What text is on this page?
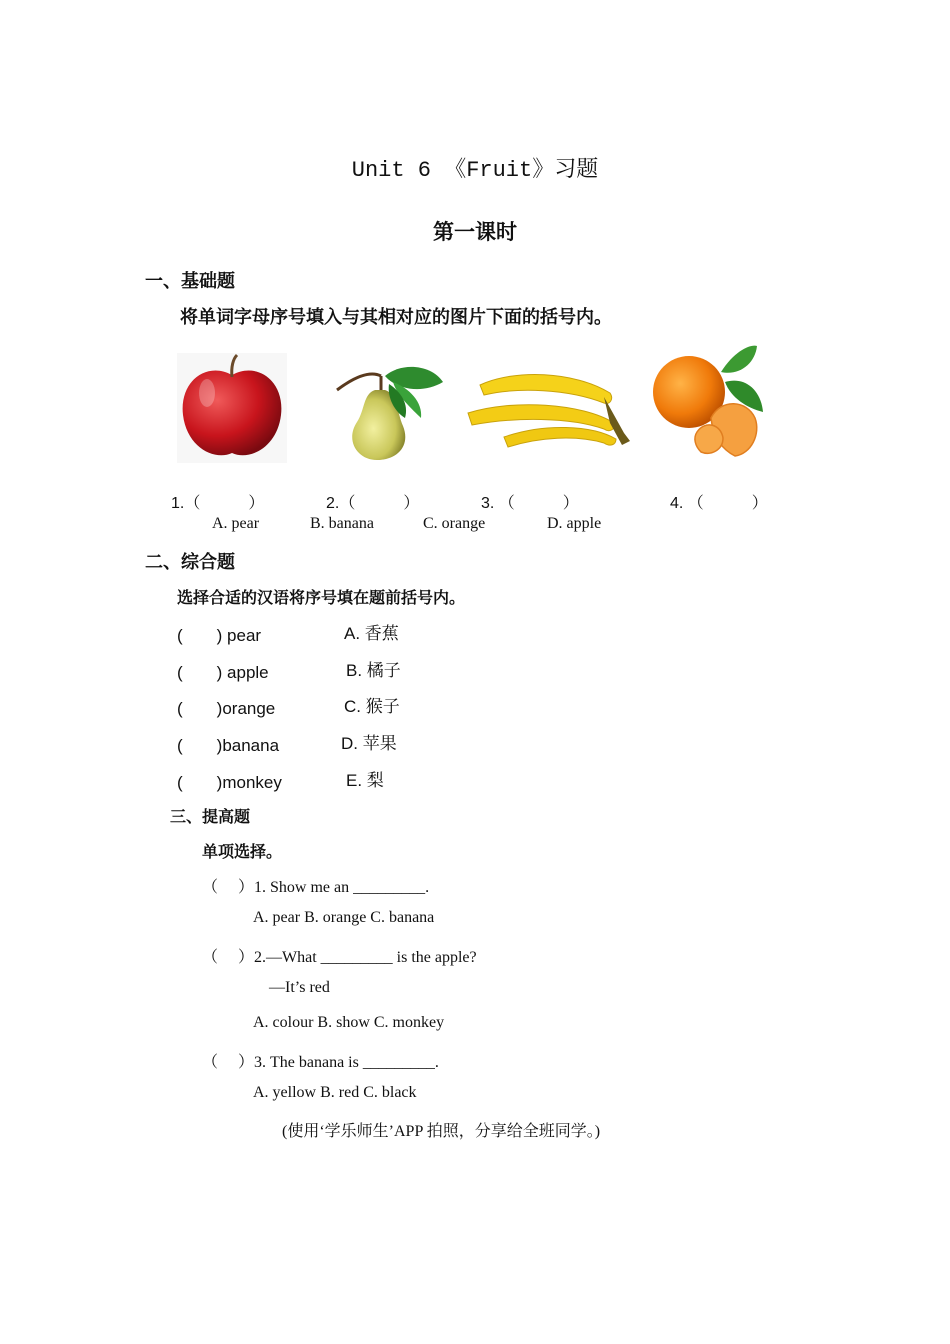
Unit 6 《Fruit》习题
第一课时
一、基础题
将单词字母序号填入与其相对应的图片下面的括号内。
1.（　　　）	2.（　　　）	3. （　　　）	4. （　　　）
A. pear	B. banana	C. orange	D. apple
二、综合题
选择合适的汉语将序号填在题前括号内。
(　　) pear	A. 香蕉
(　　) apple	B. 橘子
(　　)orange	C. 猴子
(　　)banana	D. 苹果
(　　)monkey	E. 梨
三、提高题
单项选择。
（　 ）1. Show me an _________.
A. pear B. orange C. banana
（　 ）2.—What _________ is the apple?
—It’s red
A. colour B. show C. monkey
（　 ）3. The banana is _________.
A. yellow B. red C. black
(使用‘学乐师生’APP 拍照，分享给全班同学。)
